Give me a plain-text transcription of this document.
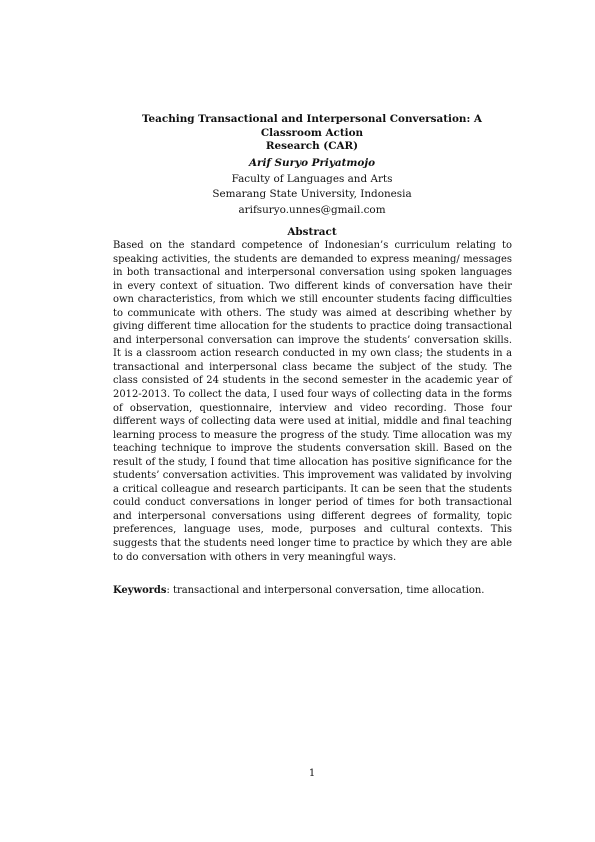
Teaching Transactional and Interpersonal Conversation: A Classroom Action
Research (CAR)
Arif Suryo Priyatmojo
Faculty of Languages and Arts
Semarang State University, Indonesia
arifsuryo.unnes@gmail.com
Abstract
Based on the standard competence of Indonesian’s curriculum relating to speaking activities, the students are demanded to express meaning/ messages in both transactional and interpersonal conversation using spoken languages in every context of situation. Two different kinds of conversation have their own characteristics, from which we still encounter students facing difficulties to communicate with others. The study was aimed at describing whether by giving different time allocation for the students to practice doing transactional and interpersonal conversation can improve the students’ conversation skills. It is a classroom action research conducted in my own class; the students in a transactional and interpersonal class became the subject of the study. The class consisted of 24 students in the second semester in the academic year of 2012-2013. To collect the data, I used four ways of collecting data in the forms of observation, questionnaire, interview and video recording. Those four different ways of collecting data were used at initial, middle and final teaching learning process to measure the progress of the study. Time allocation was my teaching technique to improve the students conversation skill. Based on the result of the study, I found that time allocation has positive significance for the students’ conversation activities. This improvement was validated by involving a critical colleague and research participants. It can be seen that the students could conduct conversations in longer period of times for both transactional and interpersonal conversations using different degrees of formality, topic preferences, language uses, mode, purposes and cultural contexts. This suggests that the students need longer time to practice by which they are able to do conversation with others in very meaningful ways.
Keywords: transactional and interpersonal conversation, time allocation.
1
